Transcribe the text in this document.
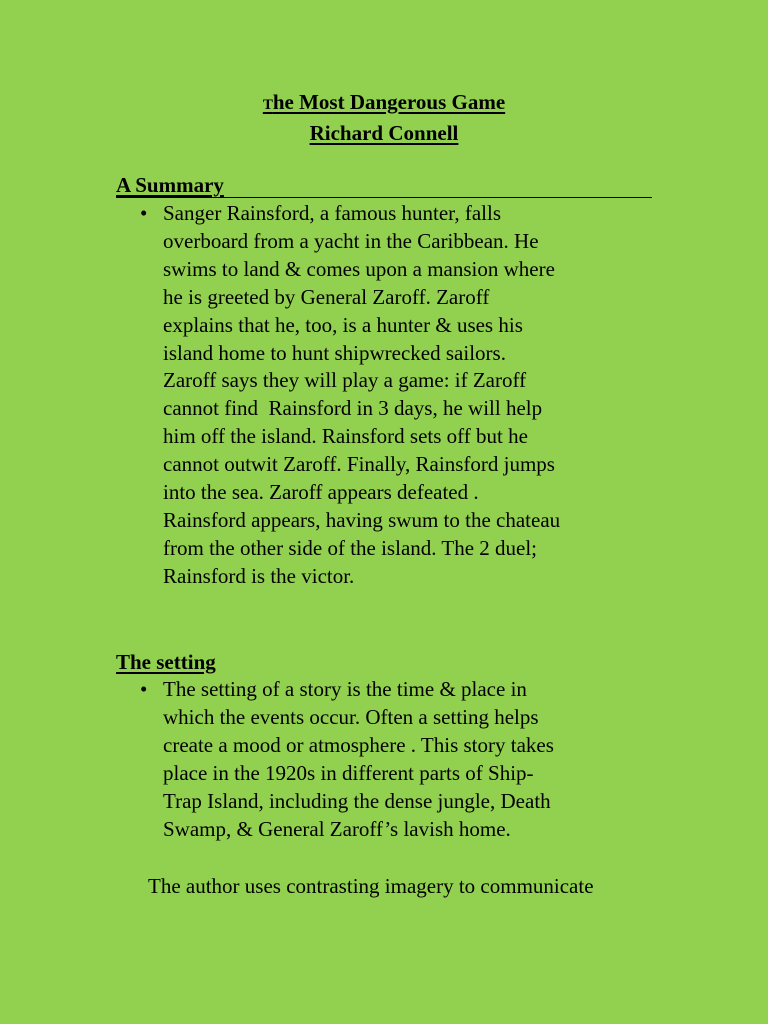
The Most Dangerous Game
Richard Connell
A Summary
• Sanger Rainsford, a famous hunter, falls
overboard from a yacht in the Caribbean. He
swims to land & comes upon a mansion where
he is greeted by General Zaroff. Zaroff
explains that he, too, is a hunter & uses his
island home to hunt shipwrecked sailors.
Zaroff says they will play a game: if Zaroff
cannot find  Rainsford in 3 days, he will help
him off the island. Rainsford sets off but he
cannot outwit Zaroff. Finally, Rainsford jumps
into the sea. Zaroff appears defeated .
Rainsford appears, having swum to the chateau
from the other side of the island. The 2 duel;
Rainsford is the victor.
The setting
• The setting of a story is the time & place in
which the events occur. Often a setting helps
create a mood or atmosphere . This story takes
place in the 1920s in different parts of Ship-
Trap Island, including the dense jungle, Death
Swamp, & General Zaroff’s lavish home.
The author uses contrasting imagery to communicate
